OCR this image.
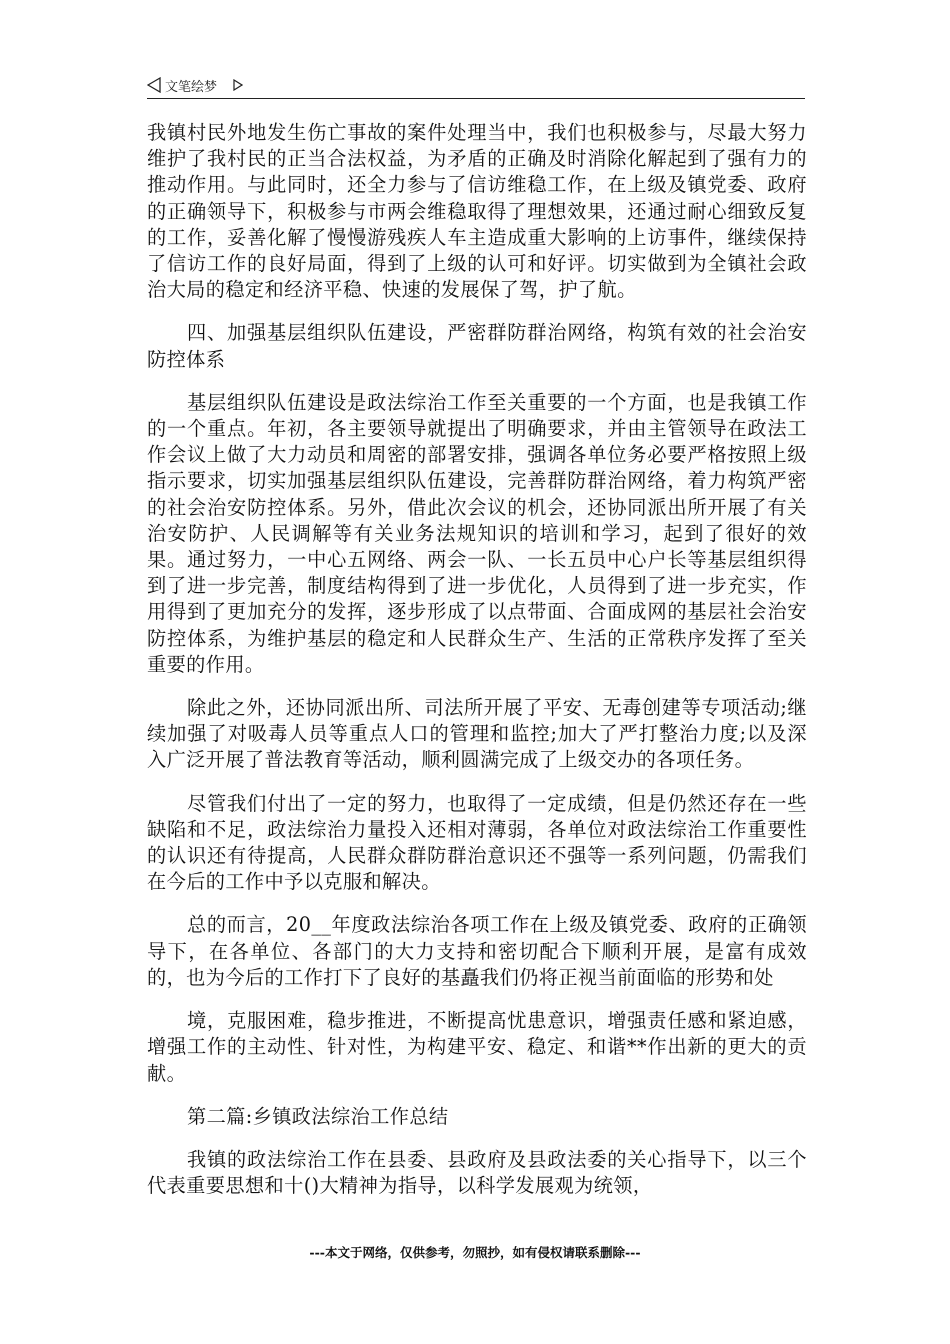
文笔绘梦

我镇村民外地发生伤亡事故的案件处理当中，我们也积极参与，尽最大努力维护了我村民的正当合法权益，为矛盾的正确及时消除化解起到了强有力的推动作用。与此同时，还全力参与了信访维稳工作，在上级及镇党委、政府的正确领导下，积极参与市两会维稳取得了理想效果，还通过耐心细致反复的工作，妥善化解了慢慢游残疾人车主造成重大影响的上访事件，继续保持了信访工作的良好局面，得到了上级的认可和好评。切实做到为全镇社会政治大局的稳定和经济平稳、快速的发展保了驾，护了航。

四、加强基层组织队伍建设，严密群防群治网络，构筑有效的社会治安防控体系

基层组织队伍建设是政法综治工作至关重要的一个方面，也是我镇工作的一个重点。年初，各主要领导就提出了明确要求，并由主管领导在政法工作会议上做了大力动员和周密的部署安排，强调各单位务必要严格按照上级指示要求，切实加强基层组织队伍建设，完善群防群治网络，着力构筑严密的社会治安防控体系。另外，借此次会议的机会，还协同派出所开展了有关治安防护、人民调解等有关业务法规知识的培训和学习，起到了很好的效果。通过努力，一中心五网络、两会一队、一长五员中心户长等基层组织得到了进一步完善，制度结构得到了进一步优化，人员得到了进一步充实，作用得到了更加充分的发挥，逐步形成了以点带面、合面成网的基层社会治安防控体系，为维护基层的稳定和人民群众生产、生活的正常秩序发挥了至关重要的作用。

除此之外，还协同派出所、司法所开展了平安、无毒创建等专项活动;继续加强了对吸毒人员等重点人口的管理和监控;加大了严打整治力度;以及深入广泛开展了普法教育等活动，顺利圆满完成了上级交办的各项任务。

尽管我们付出了一定的努力，也取得了一定成绩，但是仍然还存在一些缺陷和不足，政法综治力量投入还相对薄弱，各单位对政法综治工作重要性的认识还有待提高，人民群众群防群治意识还不强等一系列问题，仍需我们在今后的工作中予以克服和解决。

总的而言，20__年度政法综治各项工作在上级及镇党委、政府的正确领导下，在各单位、各部门的大力支持和密切配合下顺利开展，是富有成效的，也为今后的工作打下了良好的基矗我们仍将正视当前面临的形势和处

境，克服困难，稳步推进，不断提高忧患意识，增强责任感和紧迫感，增强工作的主动性、针对性，为构建平安、稳定、和谐**作出新的更大的贡献。

第二篇:乡镇政法综治工作总结

我镇的政法综治工作在县委、县政府及县政法委的关心指导下，以三个代表重要思想和十()大精神为指导，以科学发展观为统领，

---本文于网络，仅供参考，勿照抄，如有侵权请联系删除---
